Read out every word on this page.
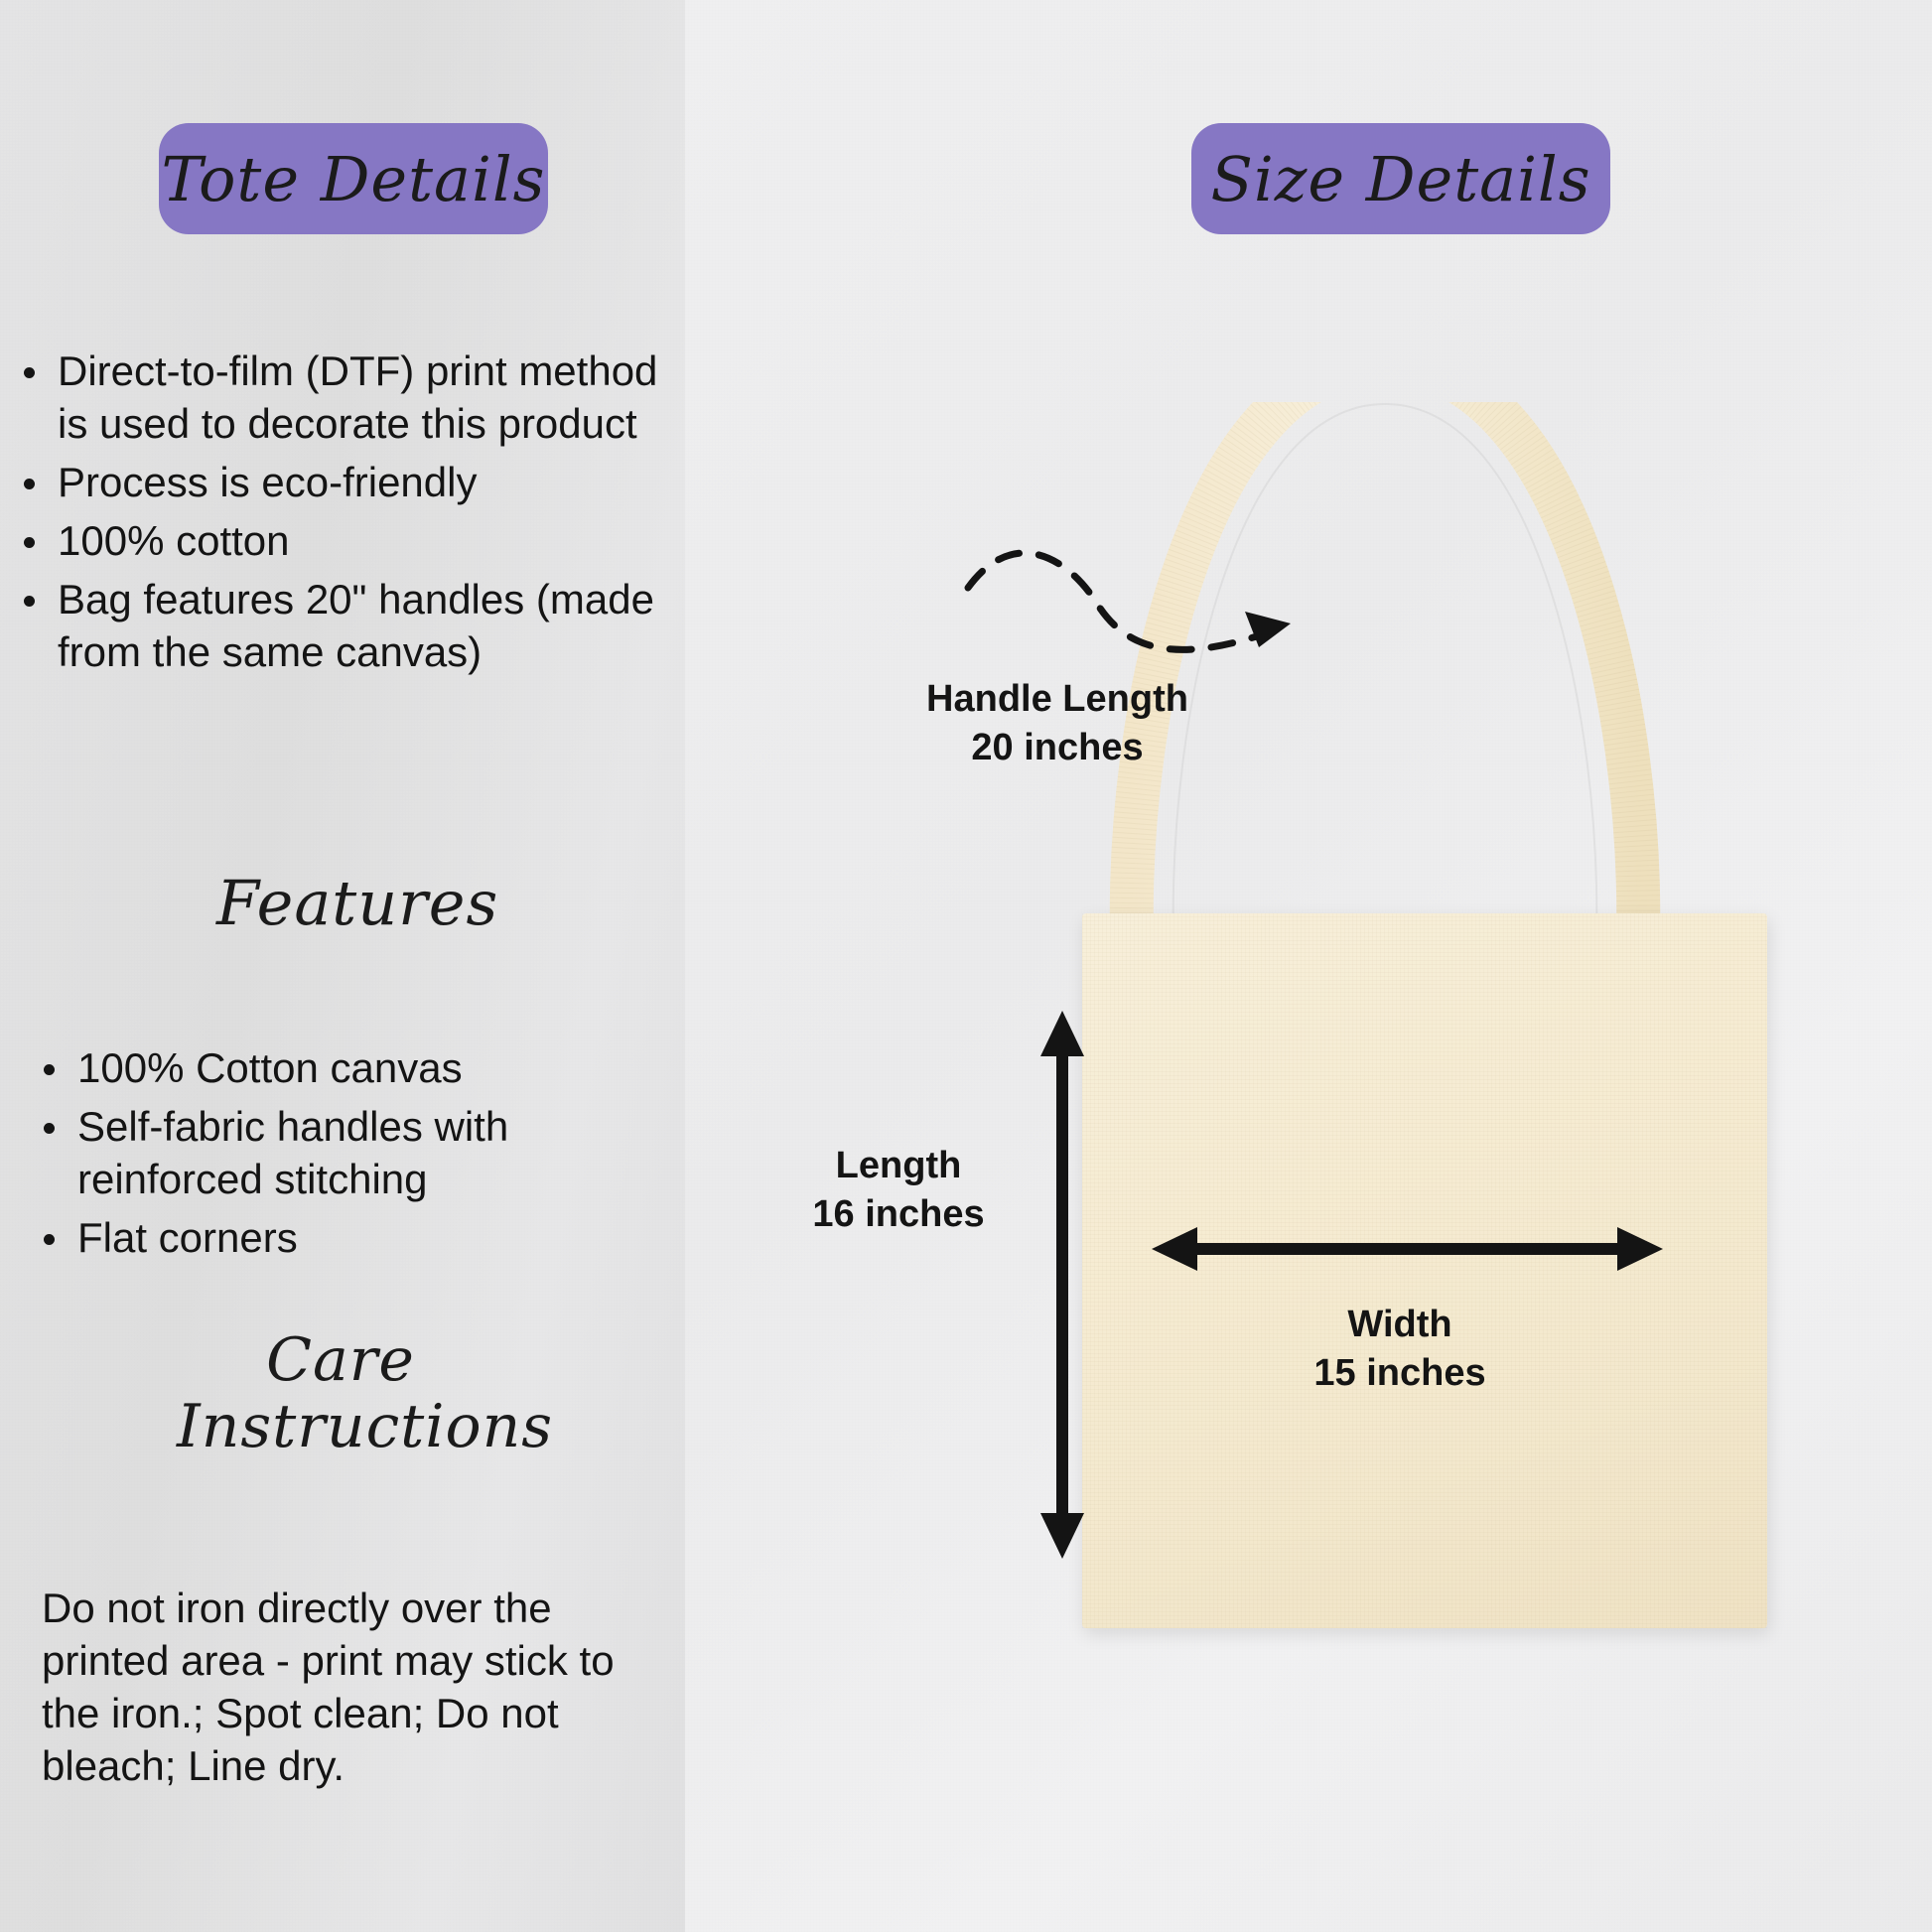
Tote Details	Size Details
Direct-to-film (DTF) print method is used to decorate this product
Process is eco-friendly
100% cotton
Bag features 20" handles (made from the same canvas)
Features
100% Cotton canvas
Self-fabric handles with reinforced stitching
Flat corners
Care
Instructions
Do not iron directly over the printed area - print may stick to the iron.; Spot clean; Do not bleach; Line dry.
Handle Length
20 inches
Length
16 inches
Width
15 inches
